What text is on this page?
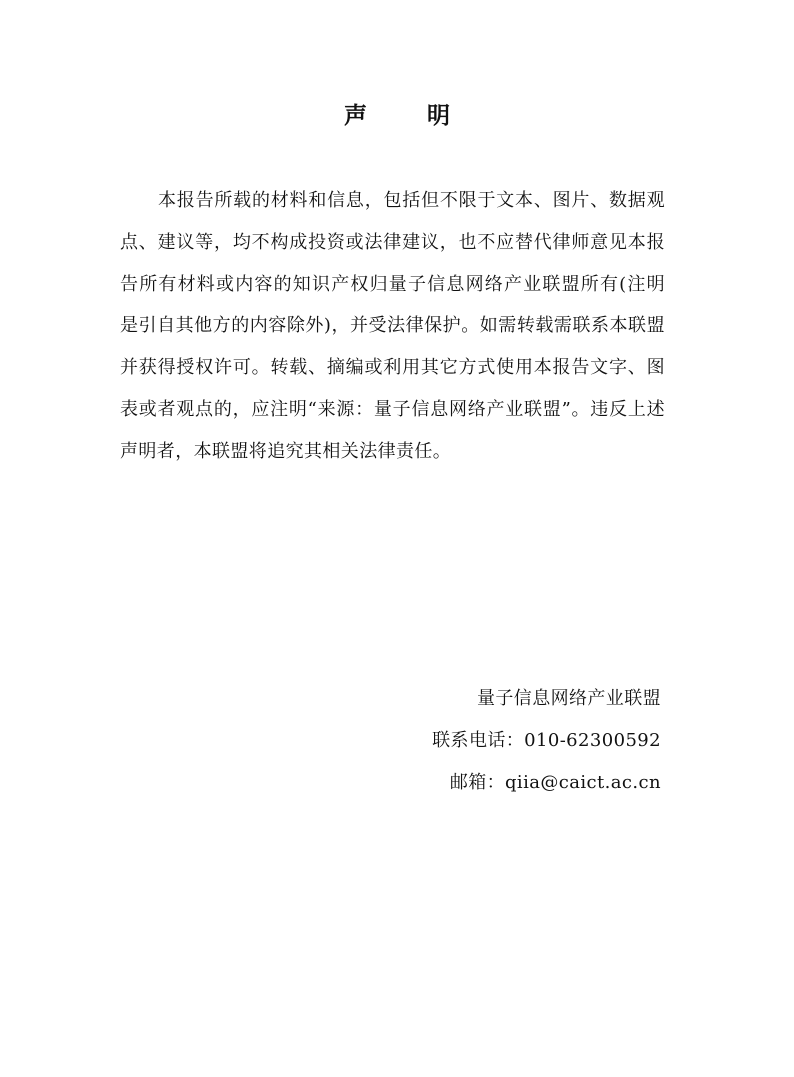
声 明
本报告所载的材料和信息，包括但不限于文本、图片、数据观
点、建议等，均不构成投资或法律建议，也不应替代律师意见本报
告所有材料或内容的知识产权归量子信息网络产业联盟所有(注明
是引自其他方的内容除外)，并受法律保护。如需转载需联系本联盟
并获得授权许可。转载、摘编或利用其它方式使用本报告文字、图
表或者观点的，应注明“来源：量子信息网络产业联盟”。违反上述
声明者，本联盟将追究其相关法律责任。
量子信息网络产业联盟
联系电话：010-62300592
邮箱：qiia@caict.ac.cn
